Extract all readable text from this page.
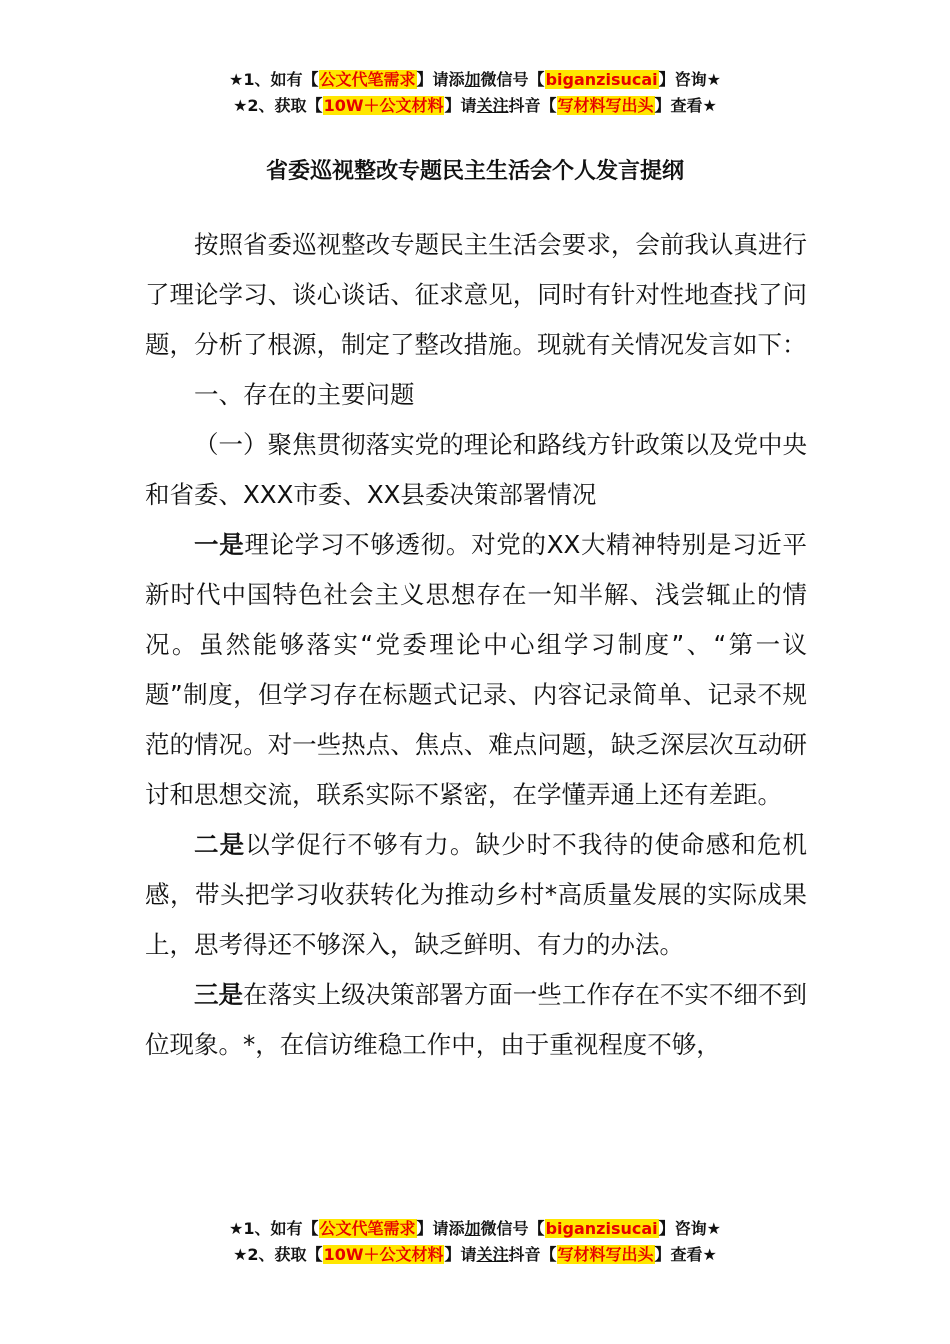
★1、如有【公文代笔需求】请添加微信号【biganzisucai】咨询★
★2、获取【10W＋公文材料】请关注抖音【写材料写出头】查看★
省委巡视整改专题民主生活会个人发言提纲

按照省委巡视整改专题民主生活会要求，会前我认真进行了理论学习、谈心谈话、征求意见，同时有针对性地查找了问题，分析了根源，制定了整改措施。现就有关情况发言如下：

一、存在的主要问题

（一）聚焦贯彻落实党的理论和路线方针政策以及党中央和省委、XXX市委、XX县委决策部署情况

一是理论学习不够透彻。对党的XX大精神特别是习近平新时代中国特色社会主义思想存在一知半解、浅尝辄止的情况。虽然能够落实“党委理论中心组学习制度”、“第一议题”制度，但学习存在标题式记录、内容记录简单、记录不规范的情况。对一些热点、焦点、难点问题，缺乏深层次互动研讨和思想交流，联系实际不紧密，在学懂弄通上还有差距。

二是以学促行不够有力。缺少时不我待的使命感和危机感，带头把学习收获转化为推动乡村*高质量发展的实际成果上，思考得还不够深入，缺乏鲜明、有力的办法。

三是在落实上级决策部署方面一些工作存在不实不细不到位现象。*，在信访维稳工作中，由于重视程度不够，

★1、如有【公文代笔需求】请添加微信号【biganzisucai】咨询★
★2、获取【10W＋公文材料】请关注抖音【写材料写出头】查看★
